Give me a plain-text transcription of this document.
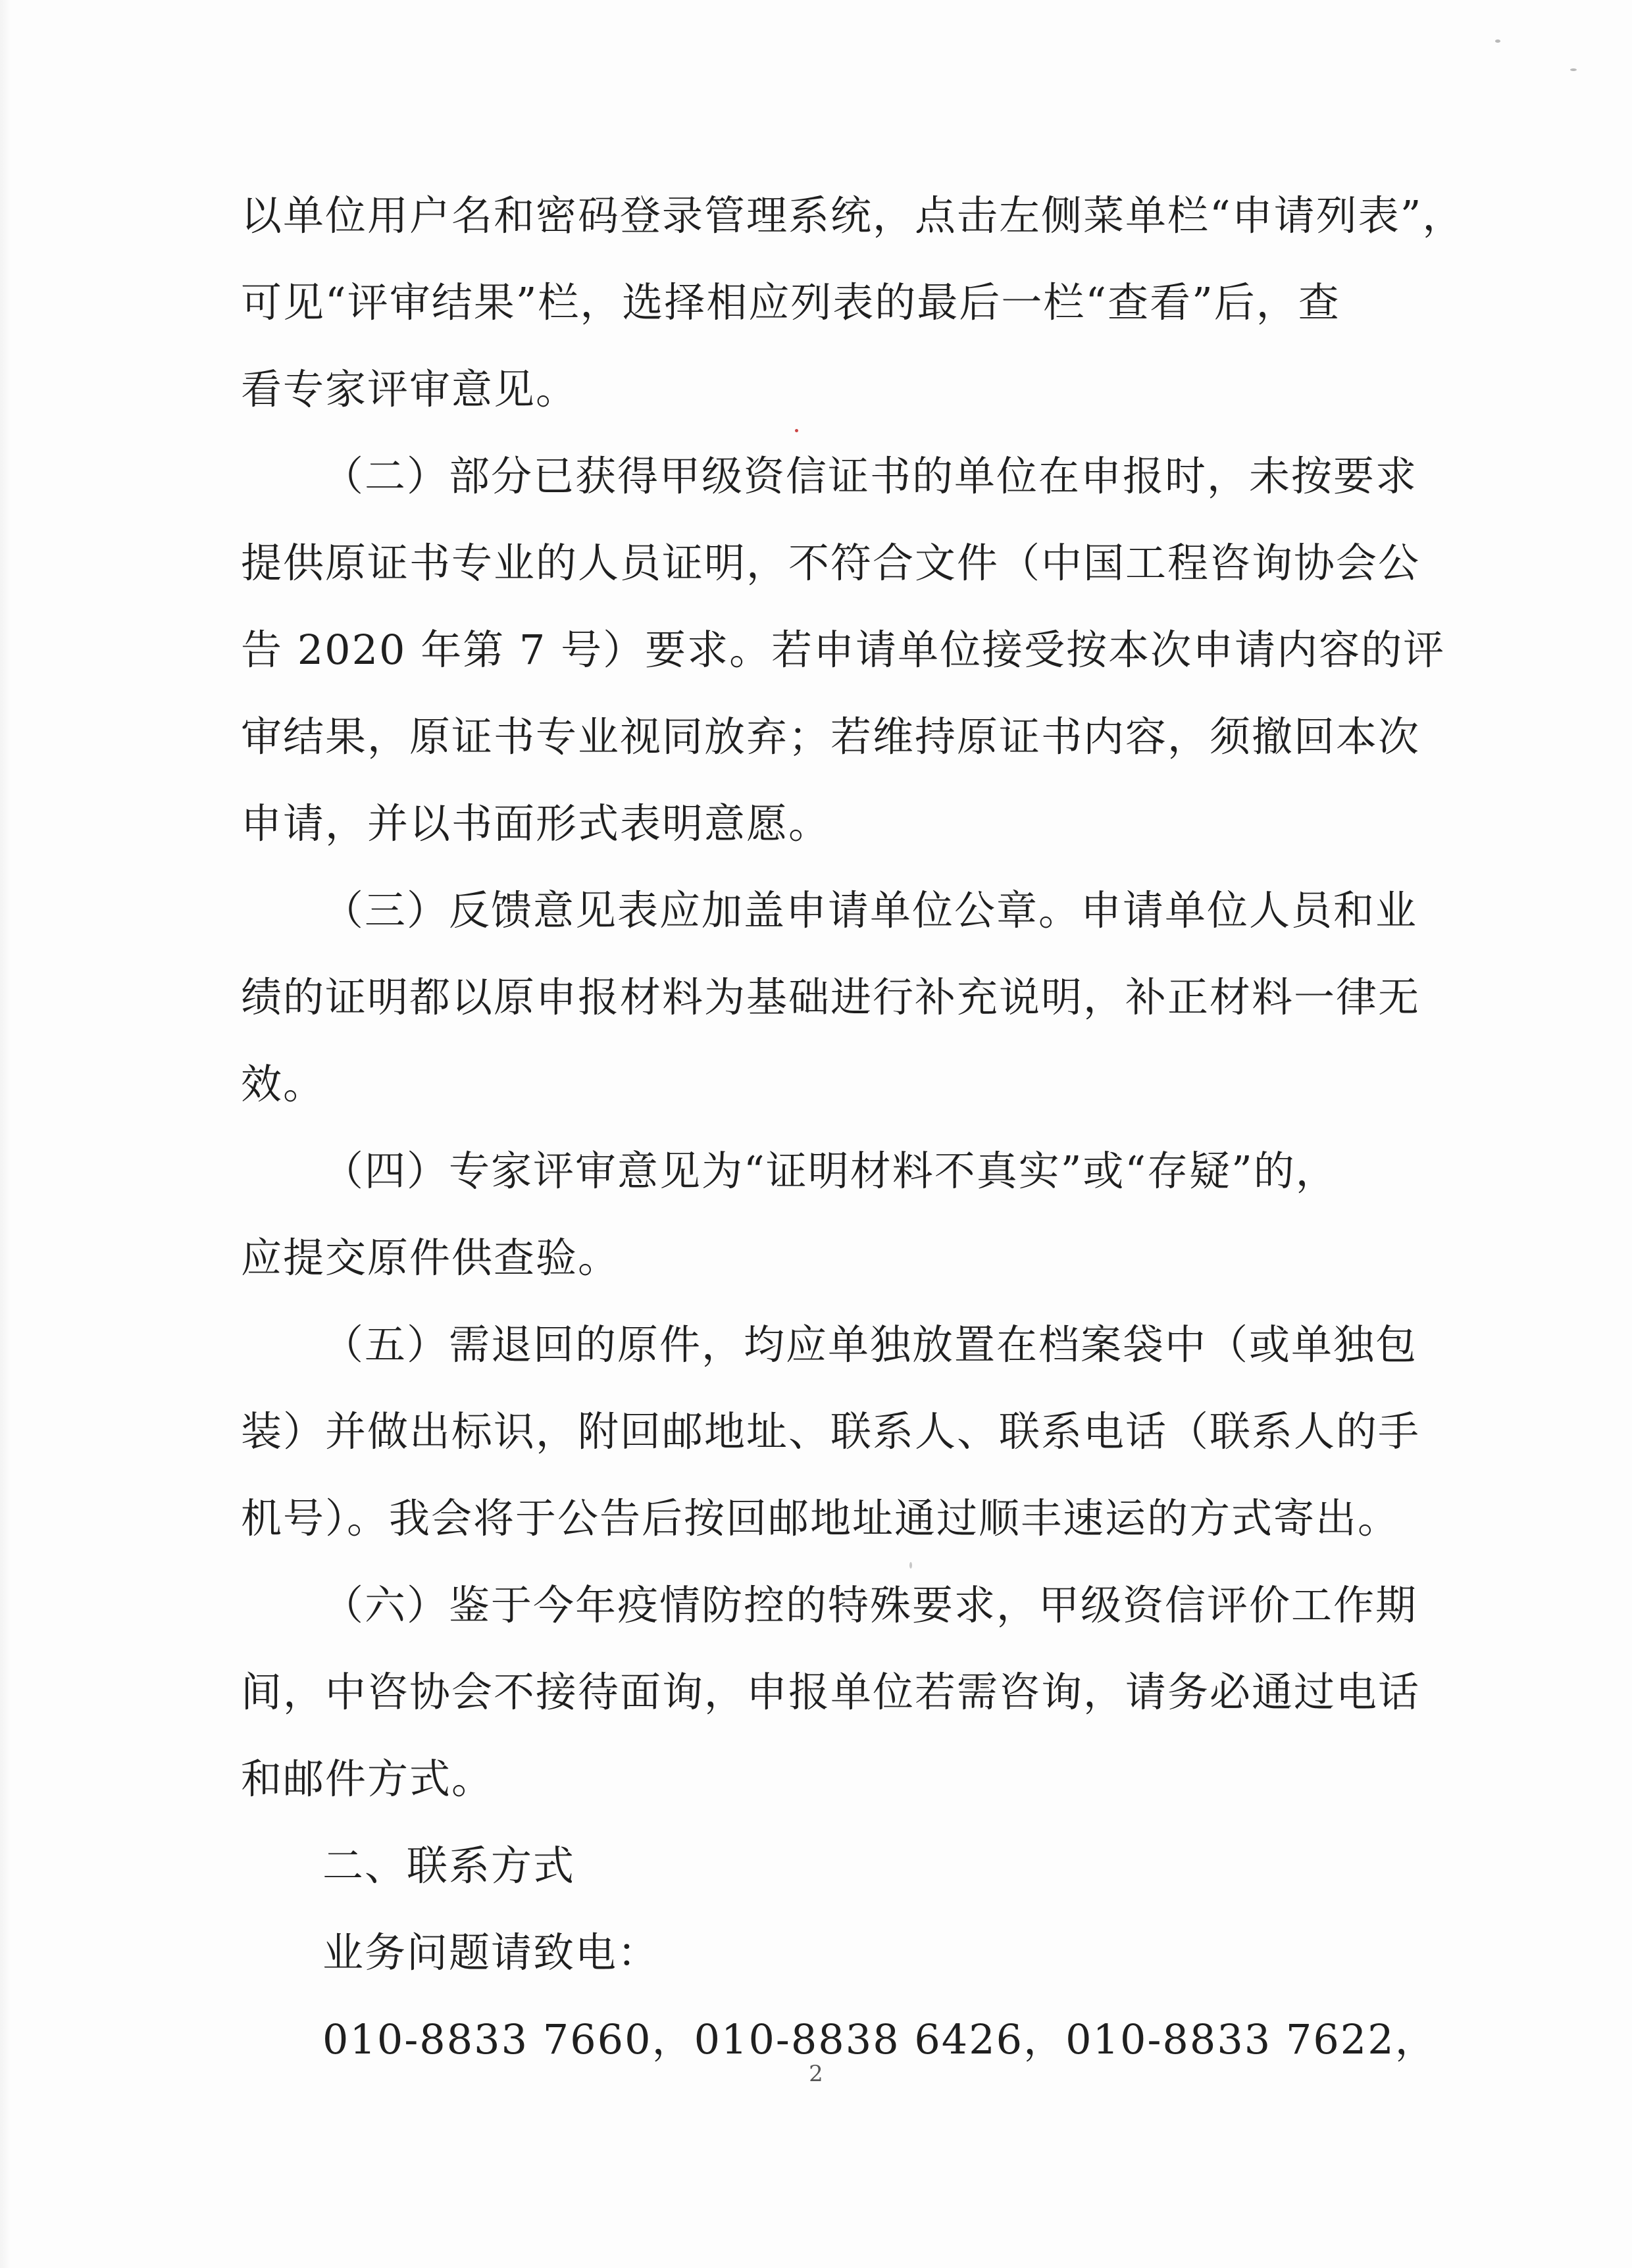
以单位用户名和密码登录管理系统，点击左侧菜单栏“申请列表”，
可见“评审结果”栏，选择相应列表的最后一栏“查看”后，查
看专家评审意见。
（二）部分已获得甲级资信证书的单位在申报时，未按要求
提供原证书专业的人员证明，不符合文件（中国工程咨询协会公
告 2020 年第 7 号）要求。若申请单位接受按本次申请内容的评
审结果，原证书专业视同放弃；若维持原证书内容，须撤回本次
申请，并以书面形式表明意愿。
（三）反馈意见表应加盖申请单位公章。申请单位人员和业
绩的证明都以原申报材料为基础进行补充说明，补正材料一律无
效。
（四）专家评审意见为“证明材料不真实”或“存疑”的，
应提交原件供查验。
（五）需退回的原件，均应单独放置在档案袋中（或单独包
装）并做出标识，附回邮地址、联系人、联系电话（联系人的手
机号）。我会将于公告后按回邮地址通过顺丰速运的方式寄出。
（六）鉴于今年疫情防控的特殊要求，甲级资信评价工作期
间，中咨协会不接待面询，申报单位若需咨询，请务必通过电话
和邮件方式。
二、联系方式
业务问题请致电：
010-8833 7660，010-8838 6426，010-8833 7622，
2
